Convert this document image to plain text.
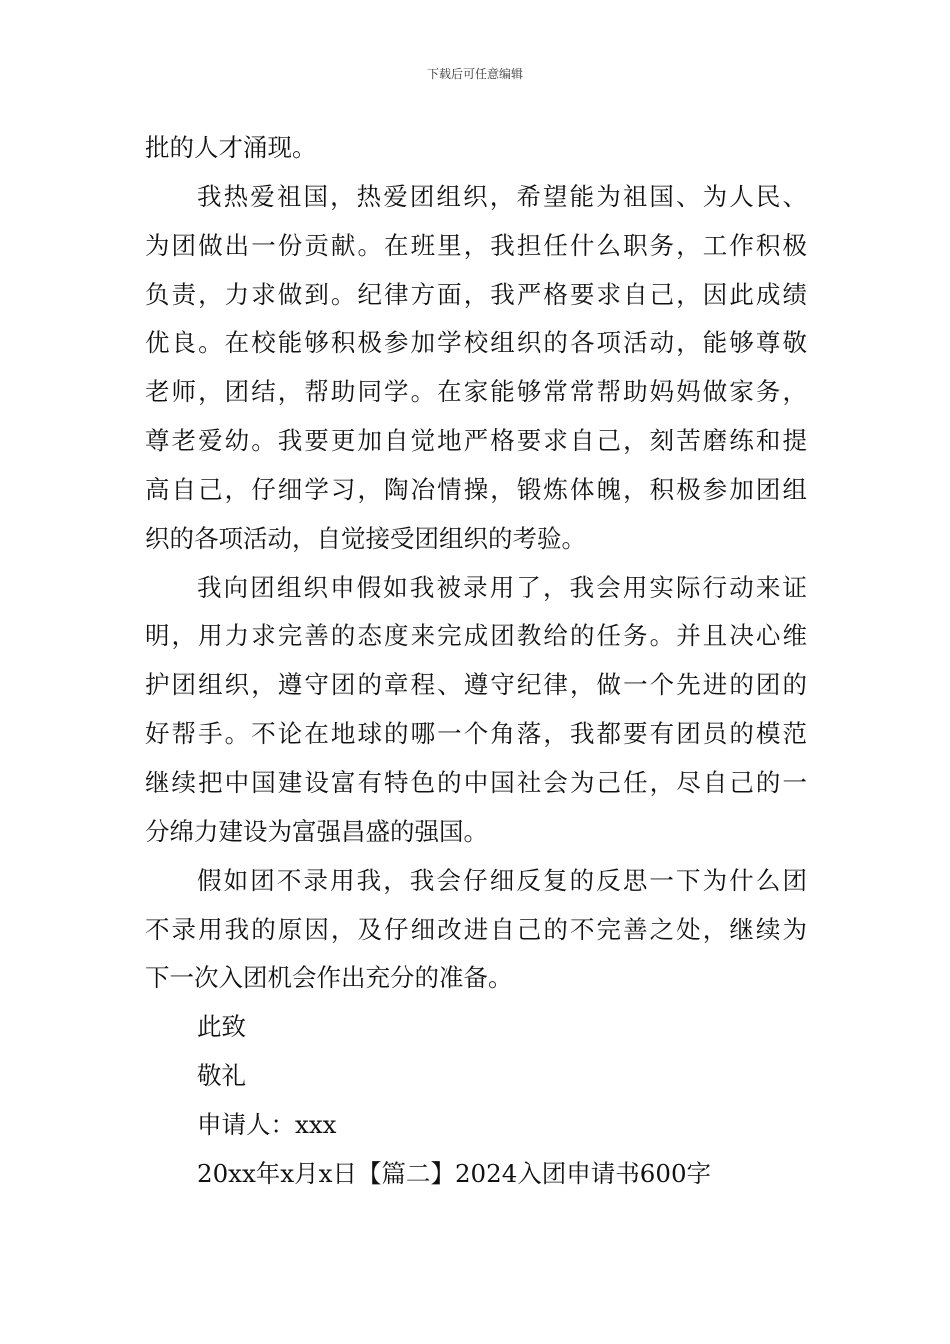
下载后可任意编辑
批的人才涌现。
我热爱祖国，热爱团组织，希望能为祖国、为人民、
为团做出一份贡献。在班里，我担任什么职务，工作积极
负责，力求做到。纪律方面，我严格要求自己，因此成绩
优良。在校能够积极参加学校组织的各项活动，能够尊敬
老师，团结，帮助同学。在家能够常常帮助妈妈做家务，
尊老爱幼。我要更加自觉地严格要求自己，刻苦磨练和提
高自己，仔细学习，陶冶情操，锻炼体魄，积极参加团组
织的各项活动，自觉接受团组织的考验。
我向团组织申假如我被录用了，我会用实际行动来证
明，用力求完善的态度来完成团教给的任务。并且决心维
护团组织，遵守团的章程、遵守纪律，做一个先进的团的
好帮手。不论在地球的哪一个角落，我都要有团员的模范
继续把中国建设富有特色的中国社会为己任，尽自己的一
分绵力建设为富强昌盛的强国。
假如团不录用我，我会仔细反复的反思一下为什么团
不录用我的原因，及仔细改进自己的不完善之处，继续为
下一次入团机会作出充分的准备。
此致
敬礼
申请人：xxx
20xx年x月x日【篇二】2024入团申请书600字
